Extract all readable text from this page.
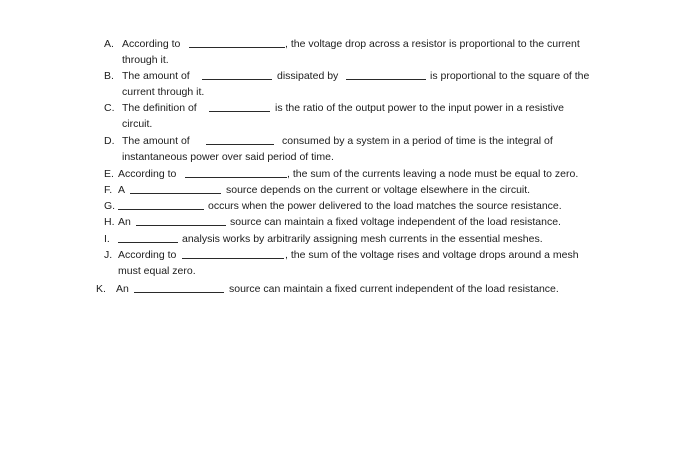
A. According to	, the voltage drop across a resistor is proportional to the current
through it.
B. The amount of	dissipated by	is proportional to the square of the
current through it.
C. The definition of	is the ratio of the output power to the input power in a resistive
circuit.
D. The amount of	consumed by a system in a period of time is the integral of
instantaneous power over said period of time.
E. According to	, the sum of the currents leaving a node must be equal to zero.
F. A	source depends on the current or voltage elsewhere in the circuit.
G.	occurs when the power delivered to the load matches the source resistance.
H. An	source can maintain a fixed voltage independent of the load resistance.
I.	analysis works by arbitrarily assigning mesh currents in the essential meshes.
J. According to	, the sum of the voltage rises and voltage drops around a mesh
must equal zero.
K. An	source can maintain a fixed current independent of the load resistance.
